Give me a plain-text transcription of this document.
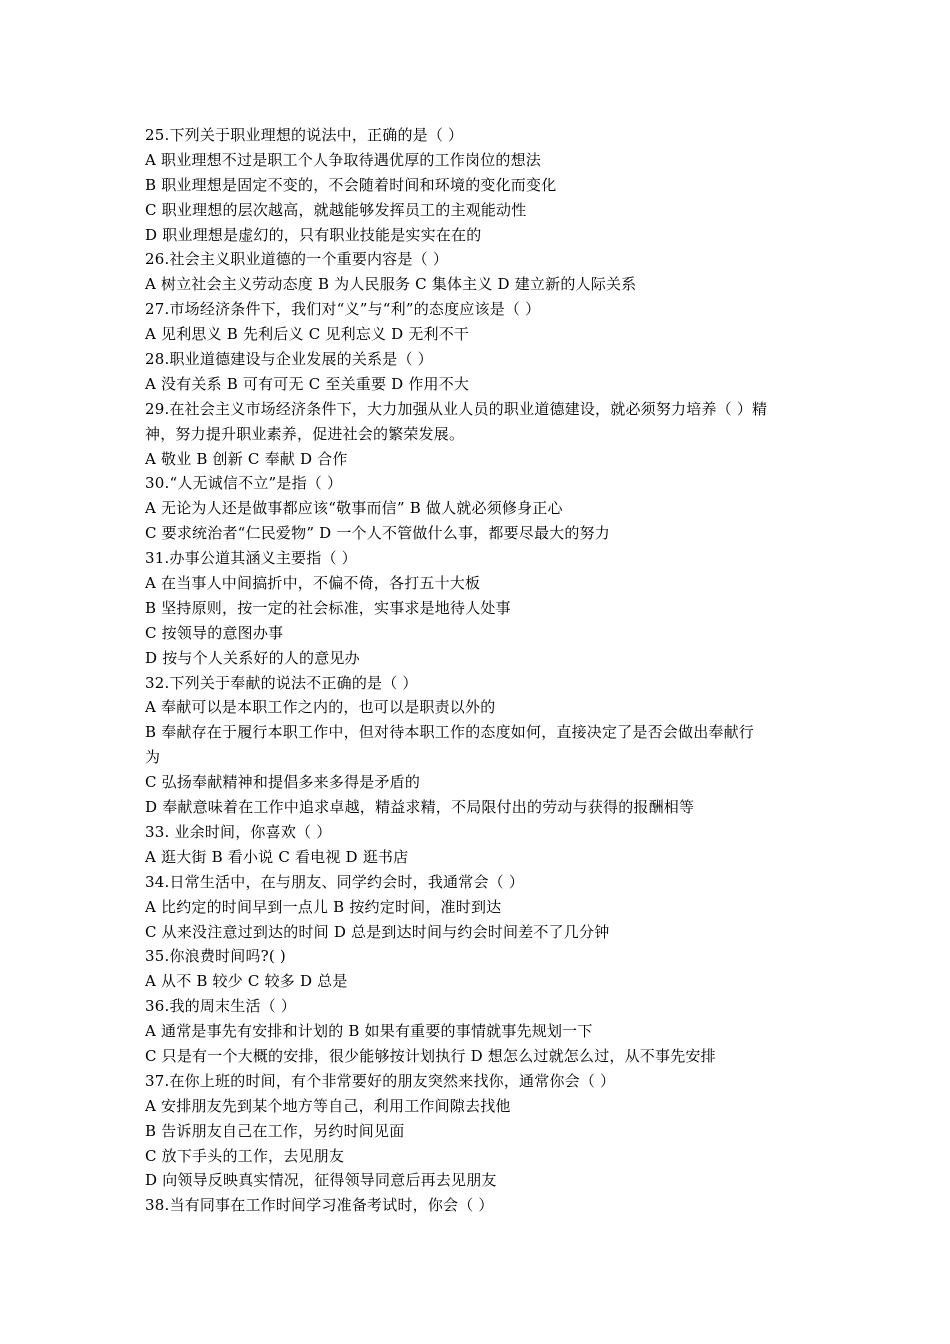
25.下列关于职业理想的说法中，正确的是（ ）
A 职业理想不过是职工个人争取待遇优厚的工作岗位的想法
B 职业理想是固定不变的，不会随着时间和环境的变化而变化
C 职业理想的层次越高，就越能够发挥员工的主观能动性
D 职业理想是虚幻的，只有职业技能是实实在在的
26.社会主义职业道德的一个重要内容是（ ）
A 树立社会主义劳动态度 B 为人民服务 C 集体主义 D 建立新的人际关系
27.市场经济条件下，我们对“义”与“利”的态度应该是（ ）
A 见利思义 B 先利后义 C 见利忘义 D 无利不干
28.职业道德建设与企业发展的关系是（ ）
A 没有关系 B 可有可无 C 至关重要 D 作用不大
29.在社会主义市场经济条件下，大力加强从业人员的职业道德建设，就必须努力培养（ ）精
神，努力提升职业素养，促进社会的繁荣发展。
A 敬业 B 创新 C 奉献 D 合作
30.“人无诚信不立”是指（ ）
A 无论为人还是做事都应该“敬事而信” B 做人就必须修身正心
C 要求统治者“仁民爱物” D 一个人不管做什么事，都要尽最大的努力
31.办事公道其涵义主要指（ ）
A 在当事人中间搞折中，不偏不倚，各打五十大板
B 坚持原则，按一定的社会标准，实事求是地待人处事
C 按领导的意图办事
D 按与个人关系好的人的意见办
32.下列关于奉献的说法不正确的是（ ）
A 奉献可以是本职工作之内的，也可以是职责以外的
B 奉献存在于履行本职工作中，但对待本职工作的态度如何，直接决定了是否会做出奉献行
为
C 弘扬奉献精神和提倡多来多得是矛盾的
D 奉献意味着在工作中追求卓越，精益求精，不局限付出的劳动与获得的报酬相等
33. 业余时间，你喜欢（ ）
A 逛大街 B 看小说 C 看电视 D 逛书店
34.日常生活中，在与朋友、同学约会时，我通常会（ ）
A 比约定的时间早到一点儿 B 按约定时间，准时到达
C 从来没注意过到达的时间 D 总是到达时间与约会时间差不了几分钟
35.你浪费时间吗?( )
A 从不 B 较少 C 较多 D 总是
36.我的周末生活（ ）
A 通常是事先有安排和计划的 B 如果有重要的事情就事先规划一下
C 只是有一个大概的安排，很少能够按计划执行 D 想怎么过就怎么过，从不事先安排
37.在你上班的时间，有个非常要好的朋友突然来找你，通常你会（ ）
A 安排朋友先到某个地方等自己，利用工作间隙去找他
B 告诉朋友自己在工作，另约时间见面
C 放下手头的工作，去见朋友
D 向领导反映真实情况，征得领导同意后再去见朋友
38.当有同事在工作时间学习准备考试时，你会（ ）
